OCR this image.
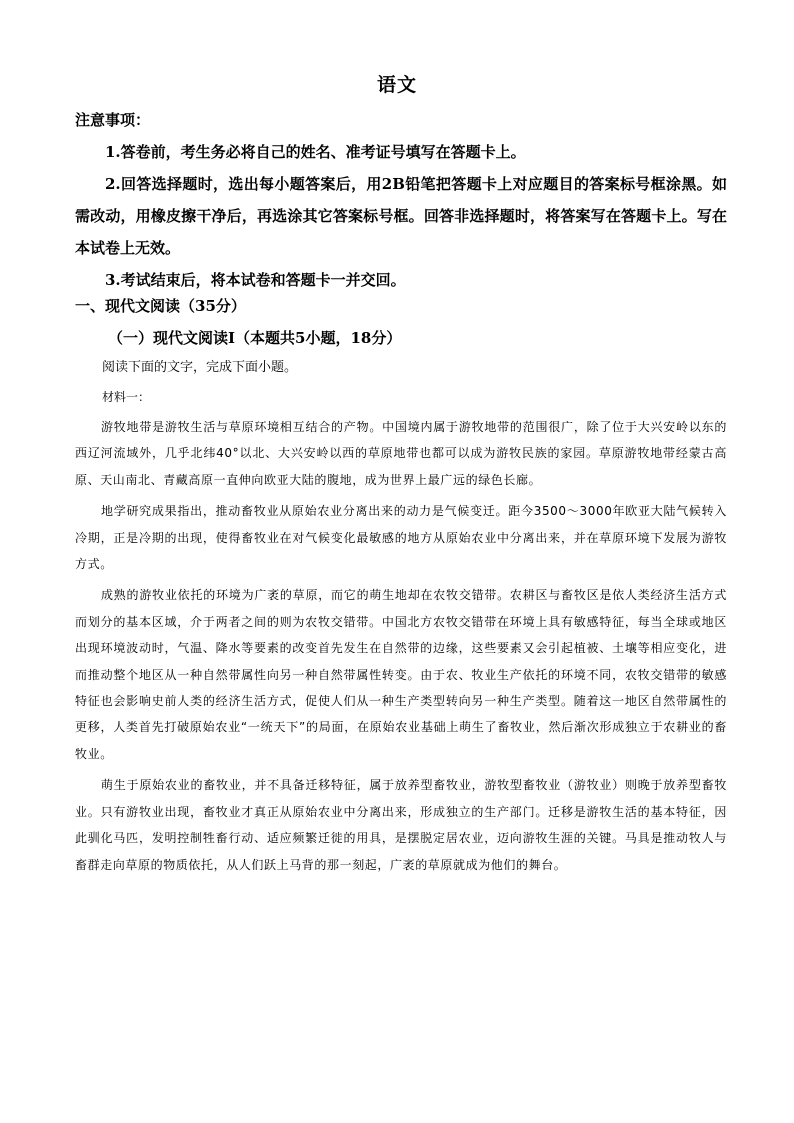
语文
注意事项：

1.答卷前，考生务必将自己的姓名、准考证号填写在答题卡上。

2.回答选择题时，选出每小题答案后，用2B铅笔把答题卡上对应题目的答案标号框涂黑。如需改动，用橡皮擦干净后，再选涂其它答案标号框。回答非选择题时，将答案写在答题卡上。写在本试卷上无效。

3.考试结束后，将本试卷和答题卡一并交回。

一、现代文阅读（35分）
（一）现代文阅读Ⅰ（本题共5小题，18分）
阅读下面的文字，完成下面小题。
材料一：

游牧地带是游牧生活与草原环境相互结合的产物。中国境内属于游牧地带的范围很广，除了位于大兴安岭以东的西辽河流域外，几乎北纬40°以北、大兴安岭以西的草原地带也都可以成为游牧民族的家园。草原游牧地带经蒙古高原、天山南北、青藏高原一直伸向欧亚大陆的腹地，成为世界上最广远的绿色长廊。

地学研究成果指出，推动畜牧业从原始农业分离出来的动力是气候变迁。距今3500～3000年欧亚大陆气候转入冷期，正是冷期的出现，使得畜牧业在对气候变化最敏感的地方从原始农业中分离出来，并在草原环境下发展为游牧方式。

成熟的游牧业依托的环境为广袤的草原，而它的萌生地却在农牧交错带。农耕区与畜牧区是依人类经济生活方式而划分的基本区域，介于两者之间的则为农牧交错带。中国北方农牧交错带在环境上具有敏感特征，每当全球或地区出现环境波动时，气温、降水等要素的改变首先发生在自然带的边缘，这些要素又会引起植被、土壤等相应变化，进而推动整个地区从一种自然带属性向另一种自然带属性转变。由于农、牧业生产依托的环境不同，农牧交错带的敏感特征也会影响史前人类的经济生活方式，促使人们从一种生产类型转向另一种生产类型。随着这一地区自然带属性的更移，人类首先打破原始农业“一统天下”的局面，在原始农业基础上萌生了畜牧业，然后渐次形成独立于农耕业的畜牧业。

萌生于原始农业的畜牧业，并不具备迁移特征，属于放养型畜牧业，游牧型畜牧业（游牧业）则晚于放养型畜牧业。只有游牧业出现，畜牧业才真正从原始农业中分离出来，形成独立的生产部门。迁移是游牧生活的基本特征，因此驯化马匹，发明控制牲畜行动、适应频繁迁徙的用具，是摆脱定居农业，迈向游牧生涯的关键。马具是推动牧人与畜群走向草原的物质依托，从人们跃上马背的那一刻起，广袤的草原就成为他们的舞台。
